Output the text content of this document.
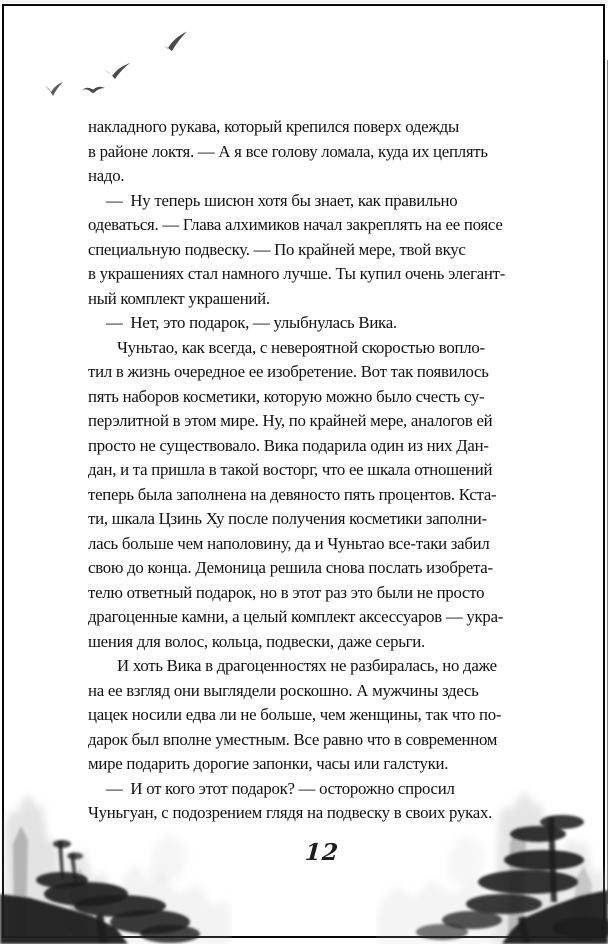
накладного рукава, который крепился поверх одежды
в районе локтя. — А я все голову ломала, куда их цеплять
надо.
—  Ну теперь шисюн хотя бы знает, как правильно
одеваться. — Глава алхимиков начал закреплять на ее поясе
специальную подвеску. — По крайней мере, твой вкус
в украшениях стал намного лучше. Ты купил очень элегант-
ный комплект украшений.
—  Нет, это подарок, — улыбнулась Вика.
Чуньтао, как всегда, с невероятной скоростью вопло-
тил в жизнь очередное ее изобретение. Вот так появилось
пять наборов косметики, которую можно было счесть су-
перэлитной в этом мире. Ну, по крайней мере, аналогов ей
просто не существовало. Вика подарила один из них Дан-
дан, и та пришла в такой восторг, что ее шкала отношений
теперь была заполнена на девяносто пять процентов. Кста-
ти, шкала Цзинь Ху после получения косметики заполни-
лась больше чем наполовину, да и Чуньтао все-таки забил
свою до конца. Демоница решила снова послать изобрета-
телю ответный подарок, но в этот раз это были не просто
драгоценные камни, а целый комплект аксессуаров — укра-
шения для волос, кольца, подвески, даже серьги.
И хоть Вика в драгоценностях не разбиралась, но даже
на ее взгляд они выглядели роскошно. А мужчины здесь
цацек носили едва ли не больше, чем женщины, так что по-
дарок был вполне уместным. Все равно что в современном
мире подарить дорогие запонки, часы или галстуки.
—  И от кого этот подарок? — осторожно спросил
Чуньгуан, с подозрением глядя на подвеску в своих руках.
12
